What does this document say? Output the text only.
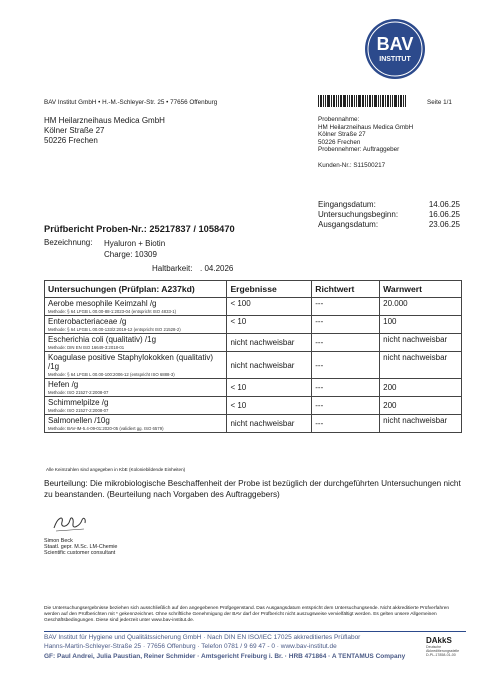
BAV
INSTITUT
BAV Institut GmbH • H.-M.-Schleyer-Str. 25 • 77656 Offenburg	Seite 1/1
HM Heilarzneihaus Medica GmbH
Kölner Straße 27
50226 Frechen
Probennahme:
HM Heilarzneihaus Medica GmbH
Kölner Straße 27
50226 Frechen
Probennehmer: Auftraggeber
Kunden-Nr.: S11500217
Eingangsdatum:	14.06.25
Untersuchungsbeginn:	16.06.25
Ausgangsdatum:	23.06.25
Prüfbericht Proben-Nr.: 25217837 / 1058470
Bezeichnung: Hyaluron + Biotin
Charge: 10309
Haltbarkeit: . 04.2026
Untersuchungen (Prüfplan: A237kd)	Ergebnisse	Richtwert	Warnwert
Aerobe mesophile Keimzahl /g
Methode: § 64 LFGB L 00.00-88-1:2023-04 (entspricht ISO 4833-1)	< 100	---	20.000
Enterobacteriaceae /g
Methode: § 64 LFGB L 00.00-133/2:2019-12 (entspricht ISO 21528-2)	< 10	---	100
Escherichia coli (qualitativ) /1g
Methode: DIN EN ISO 16649-3:2018-01	nicht nachweisbar	---	nicht nachweisbar
Koagulase positive Staphylokokken (qualitativ) /1g
Methode: § 64 LFGB L 00.00-100:2006-12 (entspricht ISO 6888-3)	nicht nachweisbar	---	nicht nachweisbar
Hefen /g
Methode: ISO 21527-2:2008-07	< 10	---	200
Schimmelpilze /g
Methode: ISO 21527-2:2008-07	< 10	---	200
Salmonellen /10g
Methode: BAV-IM-5.4-09-01:2020-05 (validiert gg. ISO 6579)	nicht nachweisbar	---	nicht nachweisbar
Alle Keimzahlen sind angegeben in KbE (Koloniebildende Einheiten)
Beurteilung: Die mikrobiologische Beschaffenheit der Probe ist bezüglich der durchgeführten Untersuchungen nicht zu beanstanden. (Beurteilung nach Vorgaben des Auftraggebers)
Simon Beck
Staatl. gepr. M.Sc. LM-Chemie
Scientific customer consultant
Die Untersuchungsergebnisse beziehen sich ausschließlich auf den angegebenen Prüfgegenstand. Das Ausgangsdatum entspricht dem Untersuchungsende. Nicht akkreditierte Prüfverfahren werden auf den Prüfberichten mit * gekennzeichnet. Ohne schriftliche Genehmigung der BAV darf der Prüfbericht nicht auszugsweise vervielfältigt werden. Es gelten unsere Allgemeinen Geschäftsbedingungen. Diese sind jederzeit unter www.bav-institut.de.
BAV Institut für Hygiene und Qualitätssicherung GmbH · Nach DIN EN ISO/IEC 17025 akkreditiertes Prüflabor
Hanns-Martin-Schleyer-Straße 25 · 77656 Offenburg · Telefon 0781 / 9 69 47 - 0 · www.bav-institut.de
GF: Paul Andrei, Julia Paustian, Reiner Schmider · Amtsgericht Freiburg i. Br. · HRB 471864 · A TENTAMUS Company
DAkkS
Deutsche
Akkreditierungsstelle
D-PL-17858-01-00
